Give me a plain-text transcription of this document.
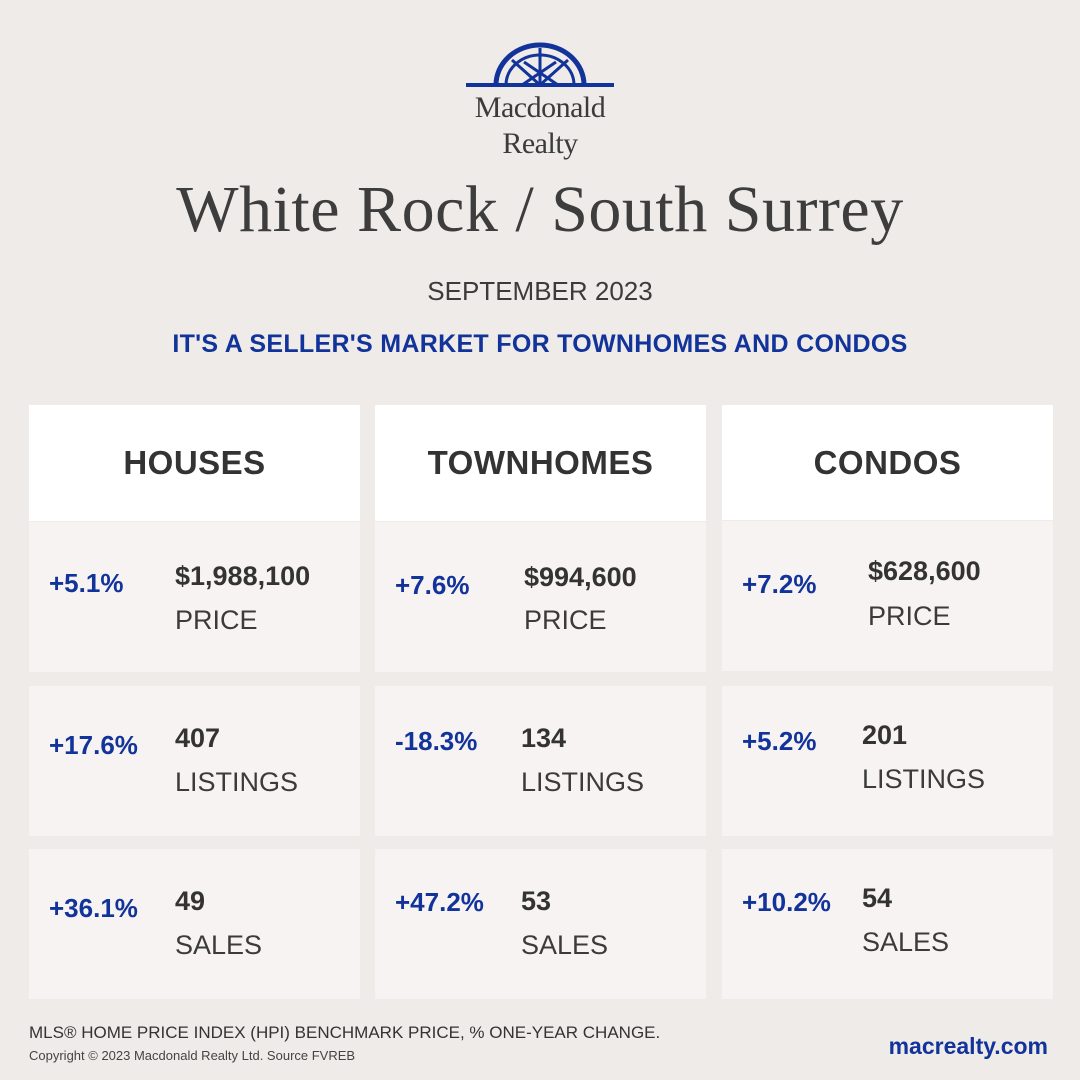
Macdonald
Realty
White Rock / South Surrey
SEPTEMBER 2023
IT'S A SELLER'S MARKET FOR TOWNHOMES AND CONDOS
HOUSES
+5.1% $1,988,100
PRICE
+17.6% 407
LISTINGS
+36.1% 49
SALES
TOWNHOMES
+7.6% $994,600
PRICE
-18.3% 134
LISTINGS
+47.2% 53
SALES
CONDOS
+7.2% $628,600
PRICE
+5.2% 201
LISTINGS
+10.2% 54
SALES
MLS® HOME PRICE INDEX (HPI) BENCHMARK PRICE, % ONE-YEAR CHANGE.
Copyright © 2023 Macdonald Realty Ltd. Source FVREB	macrealty.com
